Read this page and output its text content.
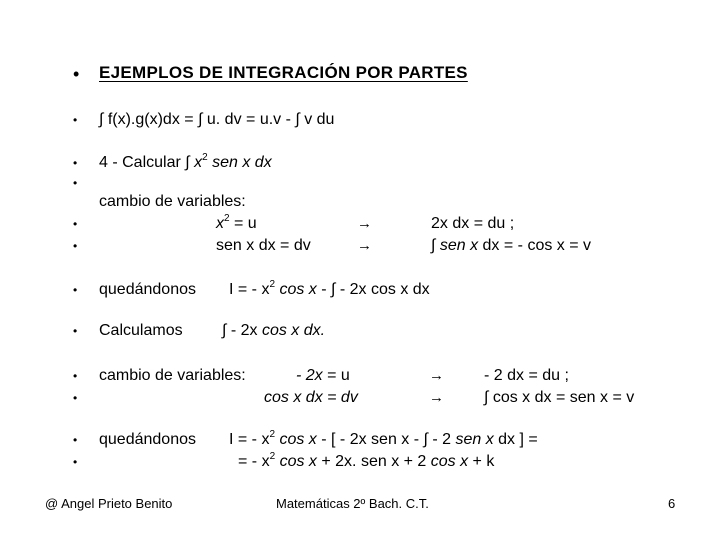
• EJEMPLOS DE INTEGRACIÓN POR PARTES
• ∫ f(x).g(x)dx = ∫ u. dv = u.v - ∫ v du
• 4 - Calcular ∫ $x^2$ sen x dx
•
cambio de variables:
•	$x^2 = u$	→	2x dx = du ;
•	sen x dx = dv	→	∫ sen x dx = - cos x = v
• quedándonos I = - $x^2$ cos x - ∫ - 2x cos x dx
• Calculamos ∫ - 2x cos x dx.
• cambio de variables:	- 2x = u	→	- 2 dx = du ;
•	cos x dx = dv	→	∫ cos x dx = sen x = v
• quedándonos I = - $x^2$ cos x - [ - 2x sen x - ∫ - 2 sen x dx ] =
•	= - $x^2$ cos x + 2x. sen x + 2 cos x + k
@ Angel Prieto Benito	Matemáticas 2º Bach. C.T.	6
